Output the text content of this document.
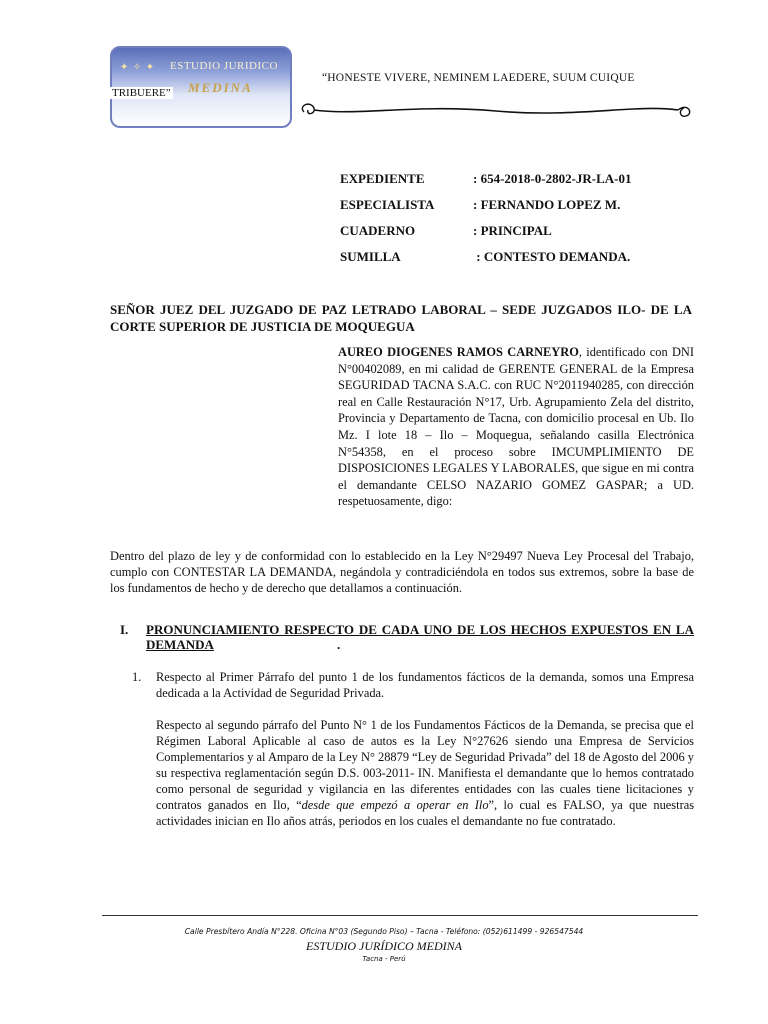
✦ ✧ ✦ ESTUDIO JURIDICO
MEDINA
TRIBUERE”
“HONESTE VIVERE, NEMINEM LAEDERE, SUUM CUIQUE
EXPEDIENTE	: 654-2018-0-2802-JR-LA-01
ESPECIALISTA	: FERNANDO LOPEZ M.
CUADERNO	: PRINCIPAL
SUMILLA	: CONTESTO DEMANDA.
SEÑOR JUEZ DEL JUZGADO DE PAZ LETRADO LABORAL – SEDE JUZGADOS ILO- DE LA CORTE SUPERIOR DE JUSTICIA DE MOQUEGUA
AUREO DIOGENES RAMOS CARNEYRO, identificado con DNI N°00402089, en mi calidad de GERENTE GENERAL de la Empresa SEGURIDAD TACNA S.A.C. con RUC N°2011940285, con dirección real en Calle Restauración N°17, Urb. Agrupamiento Zela del distrito, Provincia y Departamento de Tacna, con domicilio procesal en Ub. Ilo Mz. I lote 18 – Ilo – Moquegua, señalando casilla Electrónica N°54358, en el proceso sobre IMCUMPLIMIENTO DE DISPOSICIONES LEGALES Y LABORALES, que sigue en mi contra el demandante CELSO NAZARIO GOMEZ GASPAR; a UD. respetuosamente, digo:
Dentro del plazo de ley y de conformidad con lo establecido en la Ley N°29497 Nueva Ley Procesal del Trabajo, cumplo con CONTESTAR LA DEMANDA, negándola y contradiciéndola en todos sus extremos, sobre la base de los fundamentos de hecho y de derecho que detallamos a continuación.
I. PRONUNCIAMIENTO RESPECTO DE CADA UNO DE LOS HECHOS EXPUESTOS EN LA DEMANDA	.
1. Respecto al Primer Párrafo del punto 1 de los fundamentos fácticos de la demanda, somos una Empresa dedicada a la Actividad de Seguridad Privada.
Respecto al segundo párrafo del Punto N° 1 de los Fundamentos Fácticos de la Demanda, se precisa que el Régimen Laboral Aplicable al caso de autos es la Ley N°27626 siendo una Empresa de Servicios Complementarios y al Amparo de la Ley N° 28879 “Ley de Seguridad Privada” del 18 de Agosto del 2006 y su respectiva reglamentación según D.S. 003-2011- IN. Manifiesta el demandante que lo hemos contratado como personal de seguridad y vigilancia en las diferentes entidades con las cuales tiene licitaciones y contratos ganados en Ilo, “desde que empezó a operar en Ilo”, lo cual es FALSO, ya que nuestras actividades inician en Ilo años atrás, periodos en los cuales el demandante no fue contratado.
Calle Presbítero Andía N°228. Oficina N°03 (Segundo Piso) – Tacna - Teléfono: (052)611499 - 926547544
ESTUDIO JURÍDICO MEDINA
Tacna - Perú
